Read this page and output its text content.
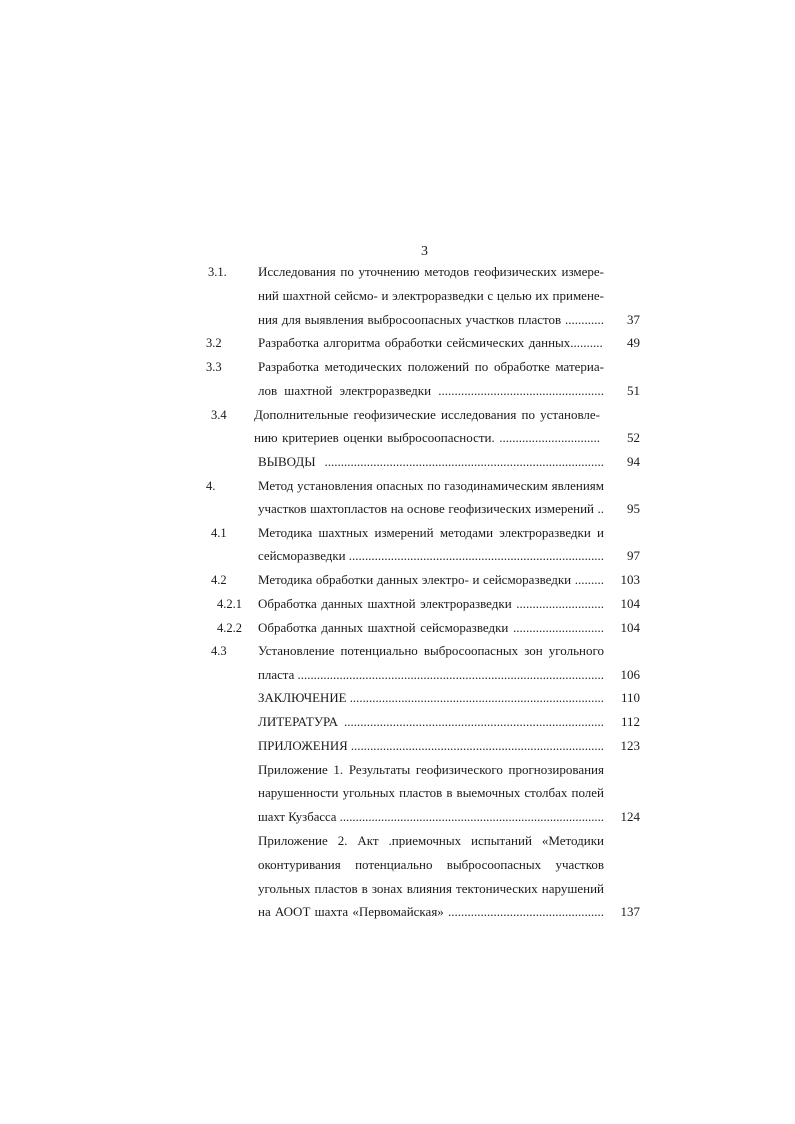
3
3.1. Исследования по уточнению методов геофизических измере-
ний шахтной сейсмо- и электроразведки с целью их примене-
ния для выявления выбросоопасных участков пластов ............	37
3.2	Разработка алгоритма обработки сейсмических данных..........	49
3.3	Разработка методических положений по обработке материа-
лов шахтной электроразведки ...................................................	51
3.4 Дополнительные геофизические исследования по установле-
нию критериев оценки выбросоопасности. ...............................	52
ВЫВОДЫ ......................................................................................	94
4.	Метод установления опасных по газодинамическим явлениям
участков шахтопластов на основе геофизических измерений ..	95
4.1 Методика шахтных измерений методами электроразведки и
сейсморазведки ...............................................................................	97
4.2 Методика обработки данных электро- и сейсморазведки .........	103
4.2.1 Обработка данных шахтной электроразведки ...........................	104
4.2.2 Обработка данных шахтной сейсморазведки ............................	104
4.3 Установление потенциально выбросоопасных зон угольного
пласта ...............................................................................................	106
ЗАКЛЮЧЕНИЕ ...............................................................................	110
ЛИТЕРАТУРА ................................................................................	112
ПРИЛОЖЕНИЯ ...............................................................................	123
Приложение 1. Результаты геофизического прогнозирования
нарушенности угольных пластов в выемочных столбах полей
шахт Кузбасса ...................................................................................	124
Приложение 2. Акт .приемочных испытаний «Методики
оконтуривания потенциально выбросоопасных участков
угольных пластов в зонах влияния тектонических нарушений
на АООТ шахта «Первомайская» ................................................	137
